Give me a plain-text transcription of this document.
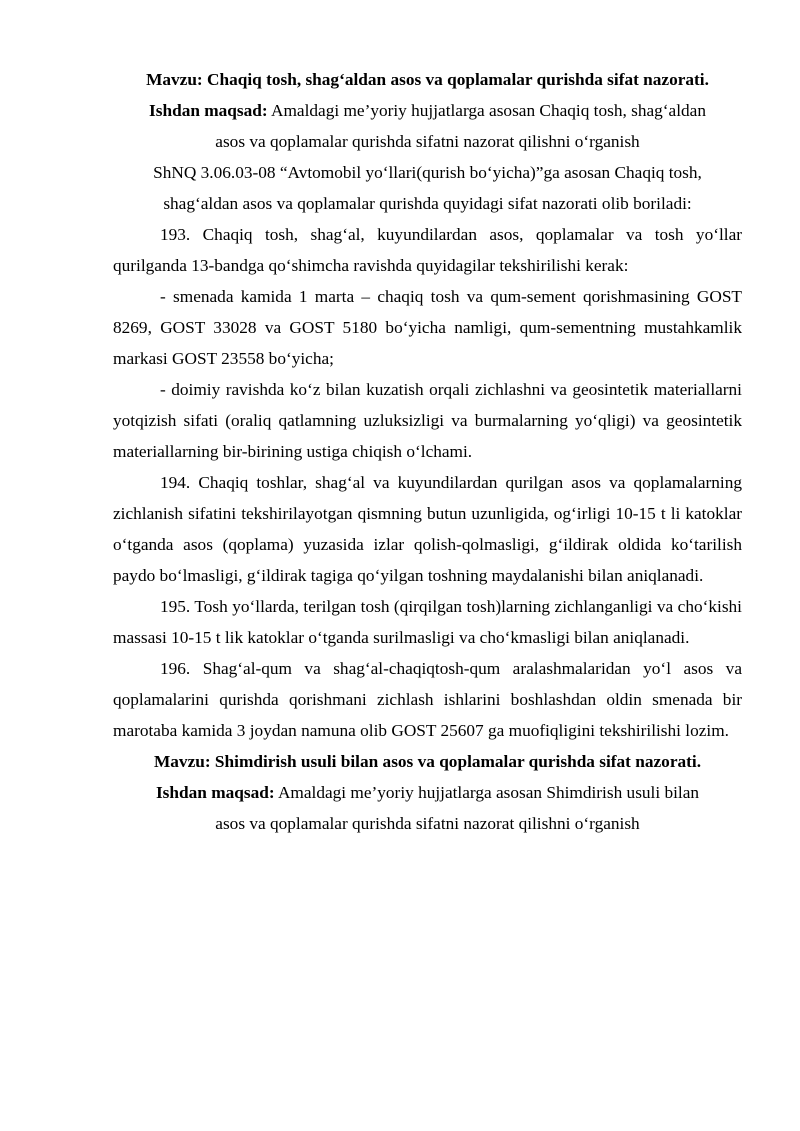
Mavzu: Chaqiq tosh, shag‘aldan asos va qoplamalar qurishda sifat nazorati.

Ishdan maqsad: Amaldagi me’yoriy hujjatlarga asosan Chaqiq tosh, shag‘aldan
asos va qoplamalar qurishda sifatni nazorat qilishni o‘rganish

ShNQ 3.06.03-08 “Avtomobil yo‘llari(qurish bo‘yicha)”ga asosan Chaqiq tosh,
shag‘aldan asos va qoplamalar qurishda quyidagi sifat nazorati olib boriladi:

193. Chaqiq tosh, shag‘al, kuyundilardan asos, qoplamalar va tosh yo‘llar qurilganda 13-bandga qo‘shimcha ravishda quyidagilar tekshirilishi kerak:

- smenada kamida 1 marta – chaqiq tosh va qum-sement qorishmasining GOST 8269, GOST 33028 va GOST 5180 bo‘yicha namligi, qum-sementning mustahkamlik markasi GOST 23558 bo‘yicha;

- doimiy ravishda ko‘z bilan kuzatish orqali zichlashni va geosintetik materiallarni yotqizish sifati (oraliq qatlamning uzluksizligi va burmalarning yo‘qligi) va geosintetik materiallarning bir-birining ustiga chiqish o‘lchami.

194. Chaqiq toshlar, shag‘al va kuyundilardan qurilgan asos va qoplamalarning zichlanish sifatini tekshirilayotgan qismning butun uzunligida, og‘irligi 10-15 t li katoklar o‘tganda asos (qoplama) yuzasida izlar qolish-qolmasligi, g‘ildirak oldida ko‘tarilish paydo bo‘lmasligi, g‘ildirak tagiga qo‘yilgan toshning maydalanishi bilan aniqlanadi.

195. Tosh yo‘llarda, terilgan tosh (qirqilgan tosh)larning zichlanganligi va cho‘kishi massasi 10-15 t lik katoklar o‘tganda surilmasligi va cho‘kmasligi bilan aniqlanadi.

196. Shag‘al-qum va shag‘al-chaqiqtosh-qum aralashmalaridan yo‘l asos va qoplamalarini qurishda qorishmani zichlash ishlarini boshlashdan oldin smenada bir marotaba kamida 3 joydan namuna olib GOST 25607 ga muofiqligini tekshirilishi lozim.

Mavzu: Shimdirish usuli bilan asos va qoplamalar qurishda sifat nazorati.

Ishdan maqsad: Amaldagi me’yoriy hujjatlarga asosan Shimdirish usuli bilan
asos va qoplamalar qurishda sifatni nazorat qilishni o‘rganish
